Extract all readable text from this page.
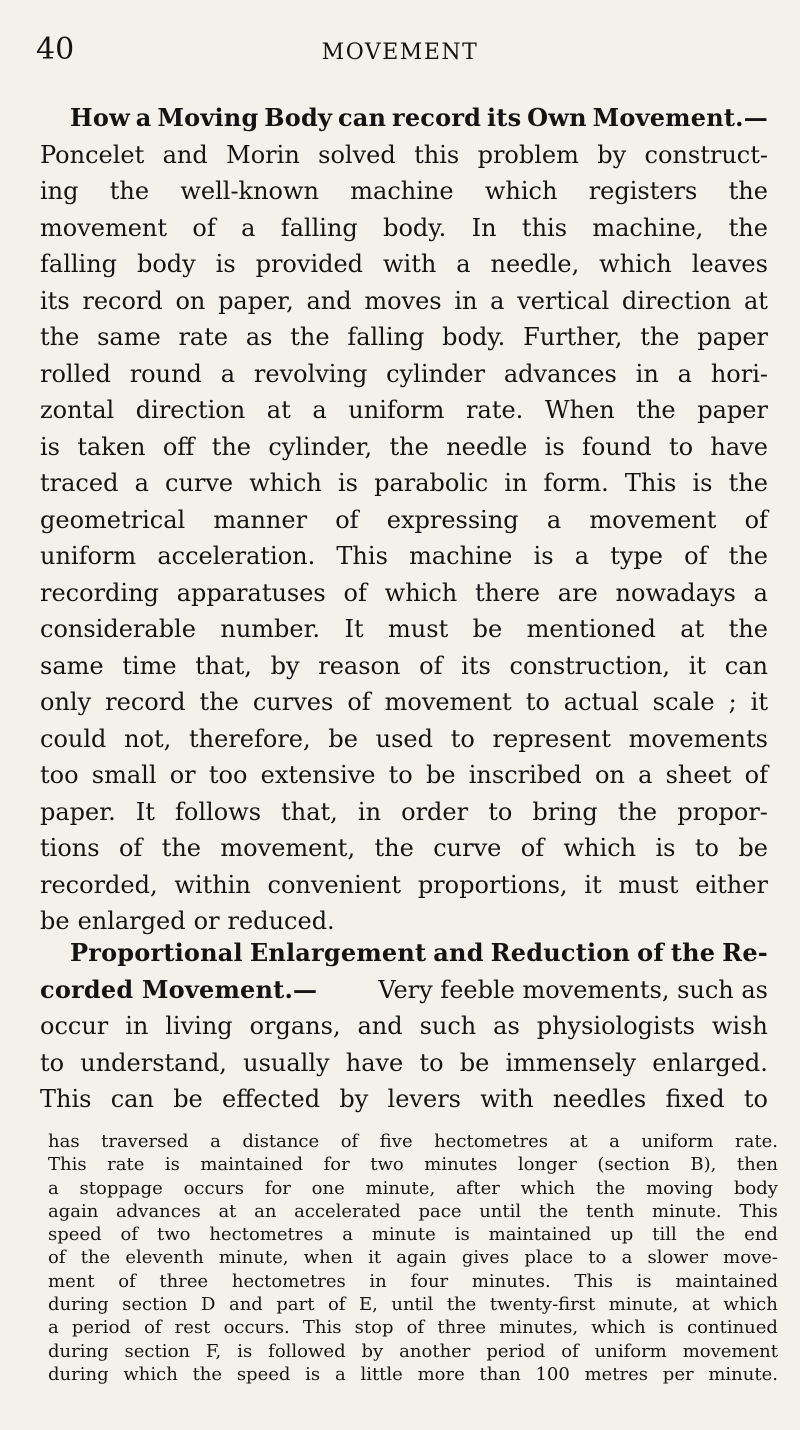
40	MOVEMENT
How a Moving Body can record its Own Movement.—
Poncelet and Morin solved this problem by construct-
ing the well-known machine which registers the
movement of a falling body. In this machine, the
falling body is provided with a needle, which leaves
its record on paper, and moves in a vertical direction at
the same rate as the falling body. Further, the paper
rolled round a revolving cylinder advances in a hori-
zontal direction at a uniform rate. When the paper
is taken off the cylinder, the needle is found to have
traced a curve which is parabolic in form. This is the
geometrical manner of expressing a movement of
uniform acceleration. This machine is a type of the
recording apparatuses of which there are nowadays a
considerable number. It must be mentioned at the
same time that, by reason of its construction, it can
only record the curves of movement to actual scale ; it
could not, therefore, be used to represent movements
too small or too extensive to be inscribed on a sheet of
paper. It follows that, in order to bring the propor-
tions of the movement, the curve of which is to be
recorded, within convenient proportions, it must either
be enlarged or reduced.
Proportional Enlargement and Reduction of the Re-
corded Movement.—	Very feeble movements, such as
occur in living organs, and such as physiologists wish
to understand, usually have to be immensely enlarged.
This can be effected by levers with needles fixed to
has traversed a distance of five hectometres at a uniform rate.
This rate is maintained for two minutes longer (section B), then
a stoppage occurs for one minute, after which the moving body
again advances at an accelerated pace until the tenth minute. This
speed of two hectometres a minute is maintained up till the end
of the eleventh minute, when it again gives place to a slower move-
ment of three hectometres in four minutes. This is maintained
during section D and part of E, until the twenty-first minute, at which
a period of rest occurs. This stop of three minutes, which is continued
during section F, is followed by another period of uniform movement
during which the speed is a little more than 100 metres per minute.
